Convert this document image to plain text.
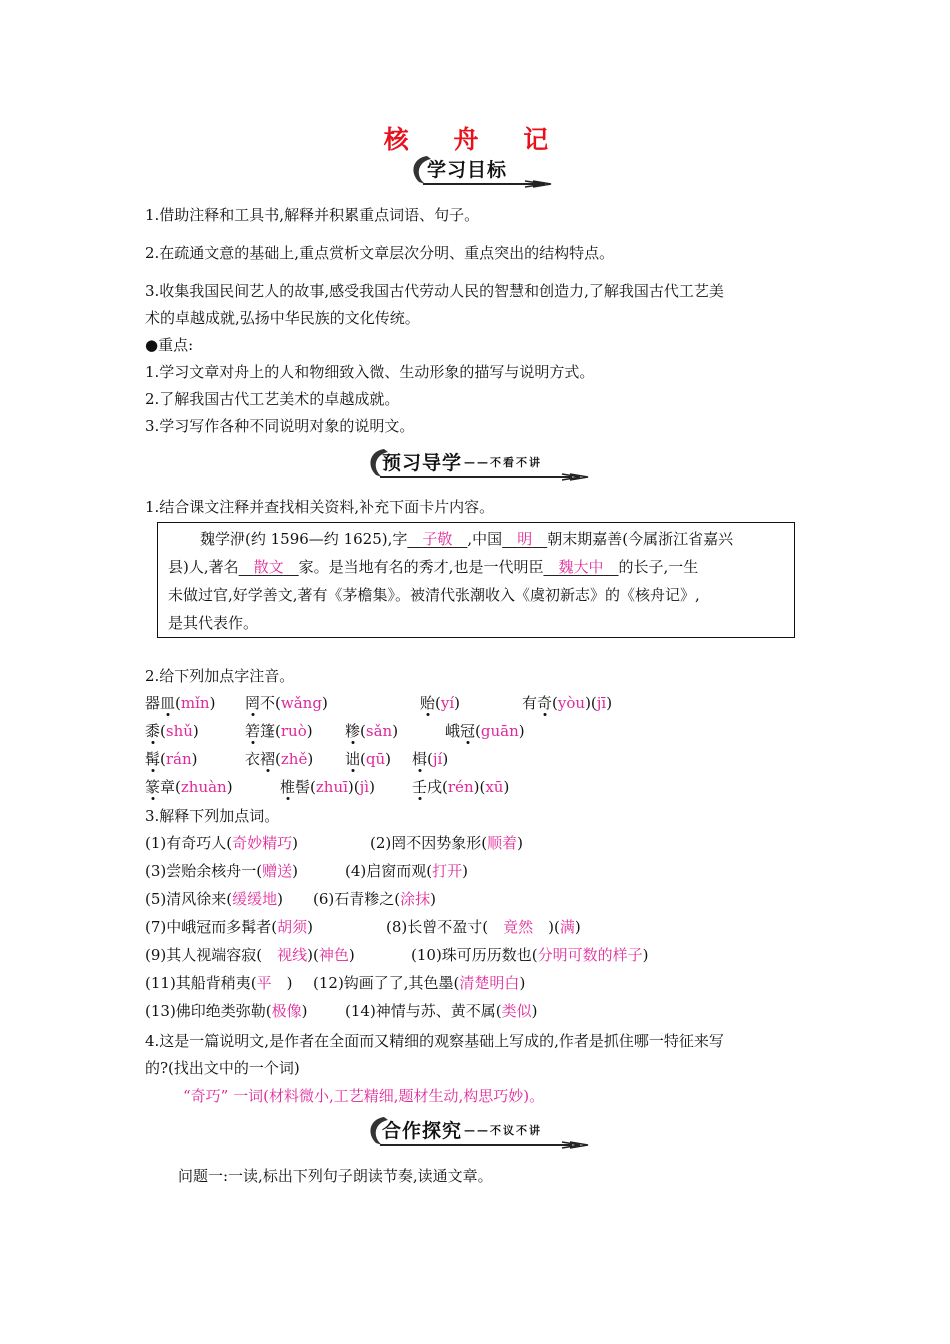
核 舟 记
学习目标
1.借助注释和工具书,解释并积累重点词语、句子。
2.在疏通文意的基础上,重点赏析文章层次分明、重点突出的结构特点。
3.收集我国民间艺人的故事,感受我国古代劳动人民的智慧和创造力,了解我国古代工艺美
术的卓越成就,弘扬中华民族的文化传统。
●重点:
1.学习文章对舟上的人和物细致入微、生动形象的描写与说明方式。
2.了解我国古代工艺美术的卓越成就。
3.学习写作各种不同说明对象的说明文。
预习导学 ——不看不讲
1.结合课文注释并查找相关资料,补充下面卡片内容。

魏学洢(约 1596—约 1625),字　 子敬　 ,中国　 明　 朝末期嘉善(今属浙江省嘉兴

县)人,著名　 散文　 家。是当地有名的秀才,也是一代明臣　 魏大中　 的长子,一生

未做过官,好学善文,著有《茅檐集》。被清代张潮收入《虞初新志》的《核舟记》,

是其代表作。

2.给下列加点字注音。
器皿(mǐn) 罔不(wǎng)	贻(yí)	有奇(yòu)(jī)
黍(shǔ)	箬篷(ruò) 糁(sǎn)	峨冠(guān)
髯(rán)	衣褶(zhě) 诎(qū) 楫(jí)
篆章(zhuàn)	椎髻(zhuī)(jì) 壬戌(rén)(xū)
3.解释下列加点词。
(1)有奇巧人(奇妙精巧)	(2)罔不因势象形(顺着)
(3)尝贻余核舟一(赠送)	(4)启窗而观(打开)
(5)清风徐来(缓缓地) (6)石青糁之(涂抹)
(7)中峨冠而多髯者(胡须)	(8)长曾不盈寸(　竟然　)(满)
(9)其人视端容寂(　视线)(神色)	(10)珠可历历数也(分明可数的样子)
(11)其船背稍夷(平　) (12)钩画了了,其色墨(清楚明白)
(13)佛印绝类弥勒(极像) (14)神情与苏、黄不属(类似)
4.这是一篇说明文,是作者在全面而又精细的观察基础上写成的,作者是抓住哪一特征来写
的?(找出文中的一个词)
“奇巧” 一词(材料微小,工艺精细,题材生动,构思巧妙)。
合作探究 ——不议不讲
问题一:一读,标出下列句子朗读节奏,读通文章。
